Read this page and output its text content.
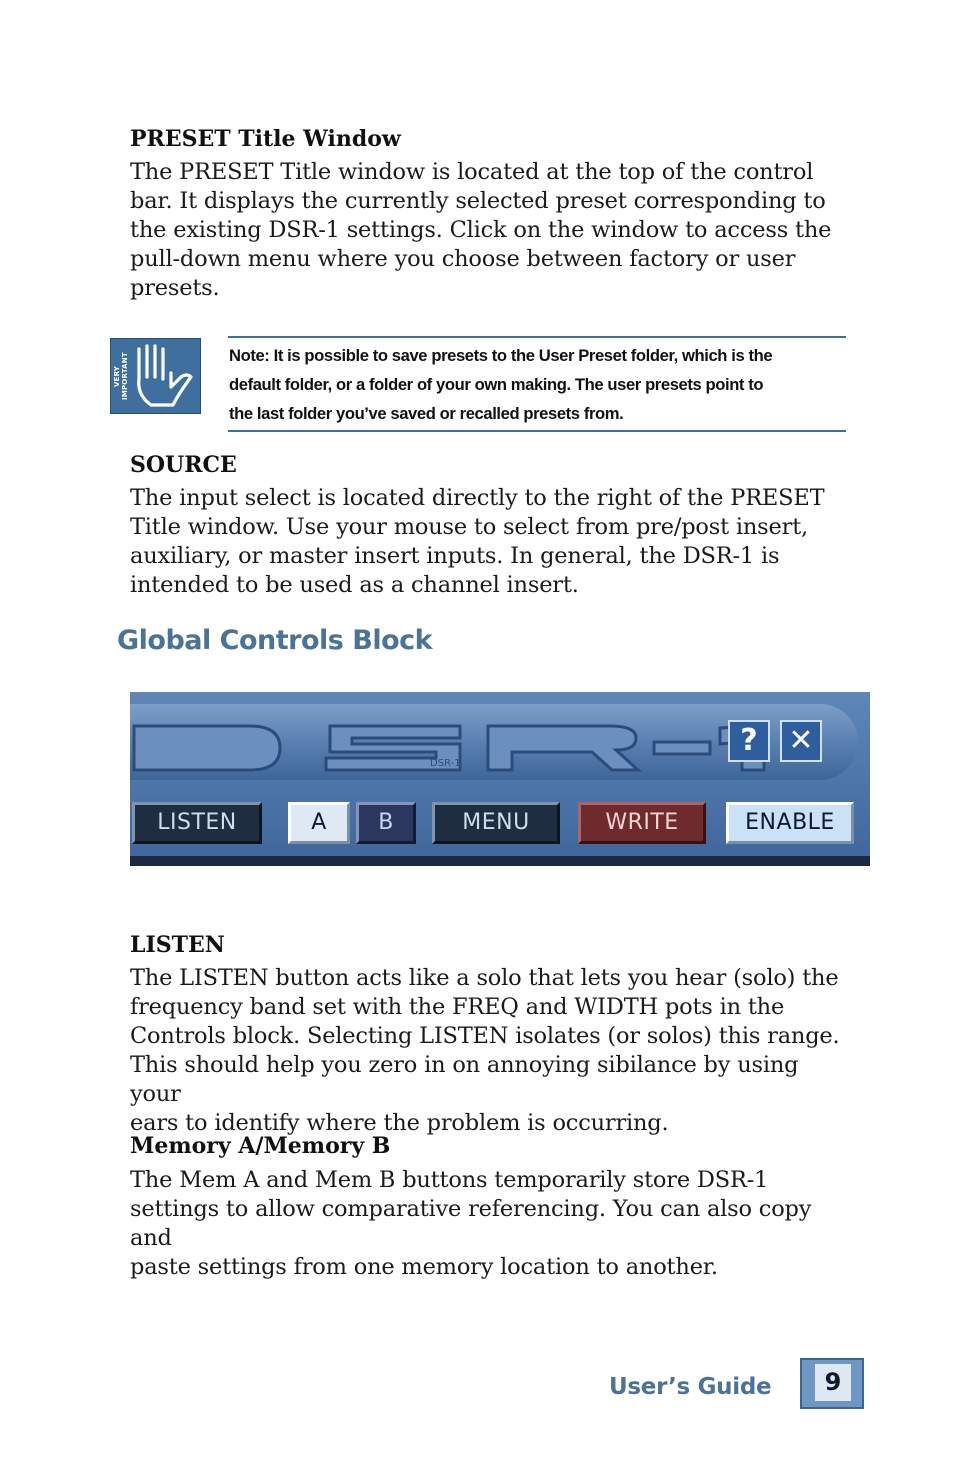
PRESET Title Window
The PRESET Title window is located at the top of the control
bar. It displays the currently selected preset corresponding to
the existing DSR-1 settings. Click on the window to access the
pull-down menu where you choose between factory or user
presets.
VERY IMPORTANT	Note: It is possible to save presets to the User Preset folder, which is the
default folder, or a folder of your own making. The user presets point to
the last folder you’ve saved or recalled presets from.
SOURCE
The input select is located directly to the right of the PRESET
Title window. Use your mouse to select from pre/post insert,
auxiliary, or master insert inputs. In general, the DSR-1 is
intended to be used as a channel insert.
Global Controls Block
DSR-1
?	✕
LISTEN	A	B	MENU	WRITE	ENABLE
LISTEN
The LISTEN button acts like a solo that lets you hear (solo) the
frequency band set with the FREQ and WIDTH pots in the
Controls block. Selecting LISTEN isolates (or solos) this range.
This should help you zero in on annoying sibilance by using your
ears to identify where the problem is occurring.
Memory A/Memory B
The Mem A and Mem B buttons temporarily store DSR-1
settings to allow comparative referencing. You can also copy and
paste settings from one memory location to another.
User’s Guide	9
